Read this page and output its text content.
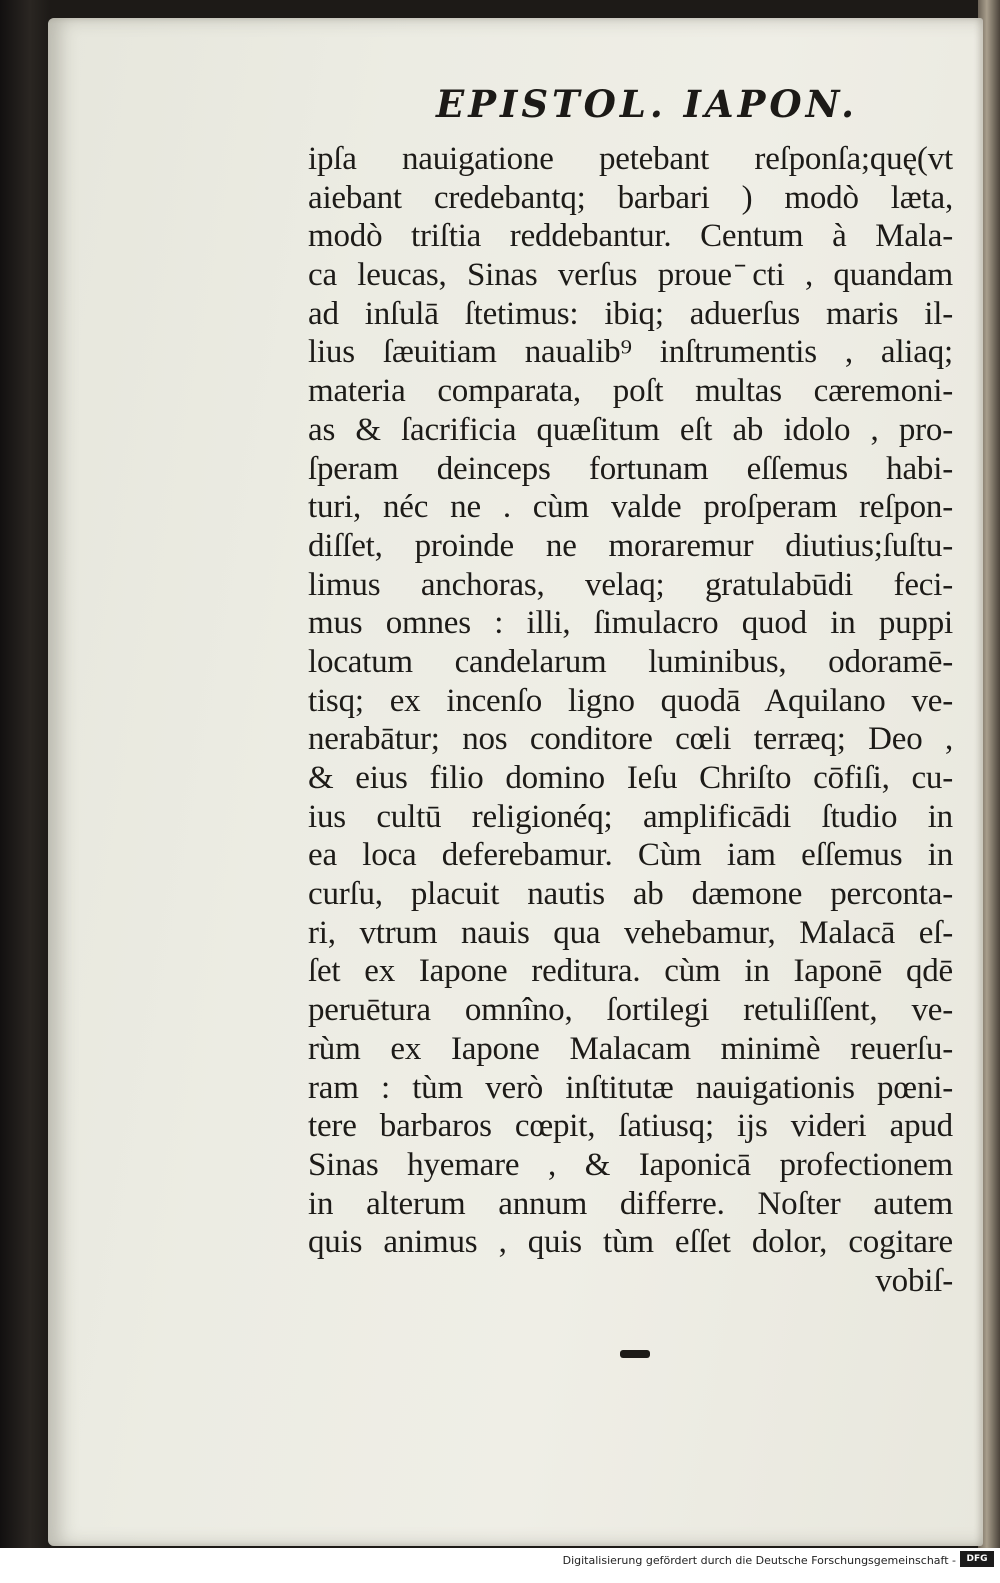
EPISTOL. IAPON.
ipſa nauigatione petebant reſponſa;quę(vt
aiebant credebantq; barbari ) modò læta,
modò triſtia reddebantur. Centum à Mala-
ca leucas, Sinas verſus proue ̄cti , quandam
ad inſulā ſtetimus: ibiq; aduerſus maris il-
lius ſæuitiam naualib⁹ inſtrumentis , aliaq;
materia comparata, poſt multas cæremoni-
as & ſacrificia quæſitum eſt ab idolo , pro-
ſperam deinceps fortunam eſſemus habi-
turi, néc ne . cùm valde proſperam reſpon-
diſſet, proinde ne moraremur diutius;ſuſtu-
limus anchoras, velaq; gratulabūdi feci-
mus omnes : illi, ſimulacro quod in puppi
locatum candelarum luminibus, odoramē-
tisq; ex incenſo ligno quodā Aquilano ve-
nerabātur; nos conditore cœli terræq; Deo ,
& eius filio domino Ieſu Chriſto cōfiſi, cu-
ius cultū religionéq; amplificādi ſtudio in
ea loca deferebamur. Cùm iam eſſemus in
curſu, placuit nautis ab dæmone percontа-
ri, vtrum nauis qua vehebamur, Malacā eſ-
ſet ex Iapone reditura. cùm in Iaponē qdē
peruētura omnîno, ſortilegi retuliſſent, ve-
rùm ex Iapone Malacam minimè reuerſu-
ram : tùm verò inſtitutæ nauigationis pœni-
tere barbaros cœpit, ſatiusq; ijs videri apud
Sinas hyemare , & Iaponicā profectionem
in alterum annum differre. Noſter autem
quis animus , quis tùm eſſet dolor, cogitare
vobiſ-
Digitalisierung gefördert durch die Deutsche Forschungsgemeinschaft -	DFG
